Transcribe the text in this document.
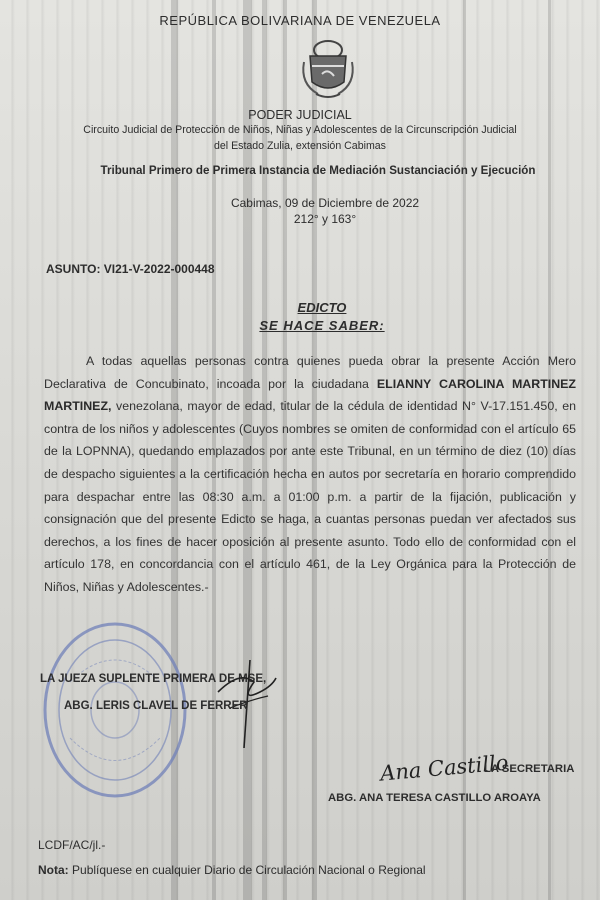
REPÚBLICA BOLIVARIANA DE VENEZUELA
PODER JUDICIAL
Circuito Judicial de Protección de Niños, Niñas y Adolescentes de la Circunscripción Judicial
del Estado Zulia, extensión Cabimas
Tribunal Primero de Primera Instancia de Mediación Sustanciación y Ejecución
Cabimas, 09 de Diciembre de 2022
212° y 163°
ASUNTO: VI21-V-2022-000448
EDICTO
SE HACE SABER:
A todas aquellas personas contra quienes pueda obrar la presente Acción Mero Declarativa de Concubinato, incoada por la ciudadana ELIANNY CAROLINA MARTINEZ MARTINEZ, venezolana, mayor de edad, titular de la cédula de identidad N° V-17.151.450, en contra de los niños y adolescentes (Cuyos nombres se omiten de conformidad con el artículo 65 de la LOPNNA), quedando emplazados por ante este Tribunal, en un término de diez (10) días de despacho siguientes a la certificación hecha en autos por secretaría en horario comprendido para despachar entre las 08:30 a.m. a 01:00 p.m. a partir de la fijación, publicación y consignación que del presente Edicto se haga, a cuantas personas puedan ver afectados sus derechos, a los fines de hacer oposición al presente asunto. Todo ello de conformidad con el artículo 178, en concordancia con el artículo 461, de la Ley Orgánica para la Protección de Niños, Niñas y Adolescentes.-
LA JUEZA SUPLENTE PRIMERA DE MSE,
ABG. LERIS CLAVEL DE FERRER
Ana Castillo
LA SECRETARIA
ABG. ANA TERESA CASTILLO AROAYA
LCDF/AC/jl.-
Nota: Publíquese en cualquier Diario de Circulación Nacional o Regional
